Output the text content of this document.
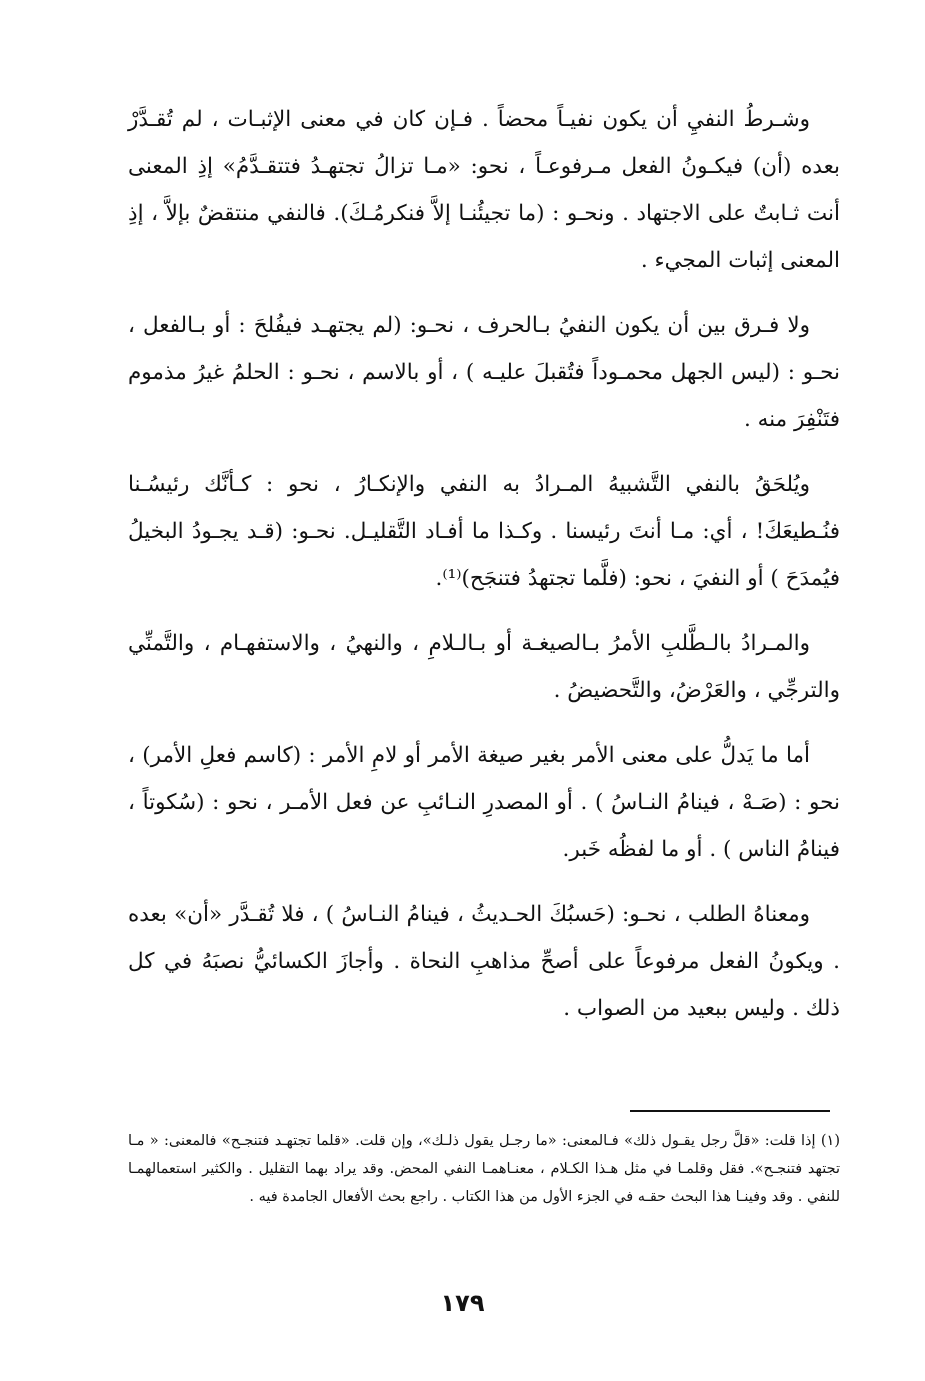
وشـرطُ النفيِ أن يكون نفيـاً محضاً . فـإن كان في معنى الإثبـات ، لم تُقـدَّرْ بعده (أن) فيكـونُ الفعل مـرفوعـاً ، نحو: «مـا تزالُ تجتهـدُ فتتقـدَّمُ» إذِ المعنى أنت ثـابتٌ على الاجتهاد . ونحـو : (ما تجيئُنـا إلاَّ فنكرمُـكَ). فالنفي منتقضٌ بإلاَّ ، إذِ المعنى إثبات المجيء .

ولا فـرق بين أن يكون النفيُ بـالحرف ، نحـو: (لم يجتهـد فيفُلحَ : أو بـالفعل ، نحـو : (ليس الجهل محمـوداً فتُقبلَ عليـه ) ، أو بالاسم ، نحـو : الحلمُ غيرُ مذموم فتَنْفِرَ منه .

ويُلحَقُ بالنفي التَّشبيهُ المـرادُ به النفي والإنكـارُ ، نحو : كـأنَّك رئيسُـنا فنُـطيعَكَ! ، أي: مـا أنتَ رئيسنا . وكـذا ما أفـاد التَّقليـل. نحـو: (قـد يجـودُ البخيلُ فيُمدَحَ ) أو النفيَ ، نحو: (فلَّما تجتهدُ فتنجَح)⁽¹⁾.

والمـرادُ بالـطَّلبِ الأمرُ بـالصيغـة أو بـالـلامِ ، والنهيُ ، والاستفهـام ، والتَّمنِّي والترجِّي ، والعَرْضُ، والتَّحضيضُ .

أما ما يَدلُّ على معنى الأمر بغير صيغة الأمر أو لامِ الأمر : (كاسم فعلِ الأمر) ، نحو : (صَـهْ ، فينامُ النـاسُ ) . أو المصدرِ النـائبِ عن فعل الأمـر ، نحو : (سُكوتاً ، فينامُ الناس ) . أو ما لفظُه خَبر.

ومعناهُ الطلب ، نحـو: (حَسبُكَ الحـديثُ ، فينامُ النـاسُ ) ، فلا تُقـدَّر «أن» بعده . ويكونُ الفعل مرفوعاً على أصحِّ مذاهبِ النحاة . وأجازَ الكسائيُّ نصبَهُ في كل ذلك . وليس ببعيد من الصواب .

(١) إذا قلت: «قلَّ رجل يقـول ذلك» فـالمعنى: «ما رجـل يقول ذلـك»، وإن قلت. «قلما تجتهـد فتنجـح» فالمعنى: « مـا تجتهد فتنجـح». فقل وقلمـا في مثل هـذا الكـلام ، معنـاهمـا النفي المحض. وقد يراد بهما التقليل . والكثير استعمالهمـا للنفي . وقد وفينـا هذا البحث حقـه في الجزء الأول من هذا الكتاب . راجع بحث الأفعال الجامدة فيه .

١٧٩
